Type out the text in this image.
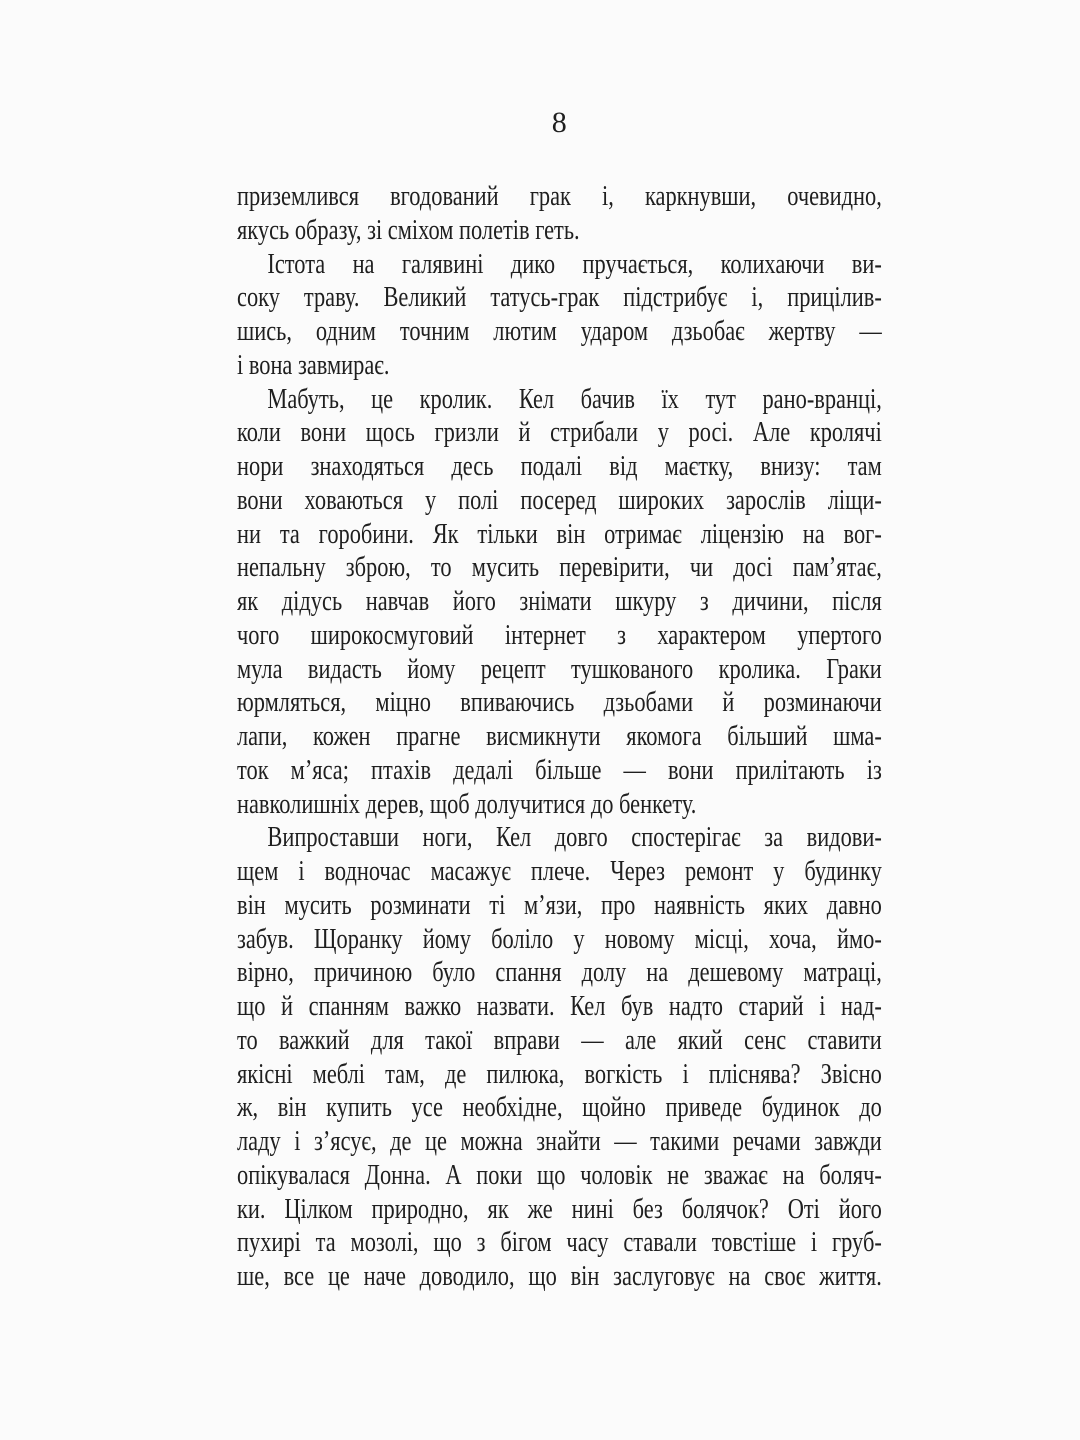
8
приземлився вгодований грак і, каркнувши, очевидно,
якусь образу, зі сміхом полетів геть.
Істота на галявині дико пручається, колихаючи ви-
соку траву. Великий татусь-грак підстрибує і, прицілив-
шись, одним точним лютим ударом дзьобає жертву —
і вона завмирає.
Мабуть, це кролик. Кел бачив їх тут рано-вранці,
коли вони щось гризли й стрибали у росі. Але кролячі
нори знаходяться десь подалі від маєтку, внизу: там
вони ховаються у полі посеред широких зарослів ліщи-
ни та горобини. Як тільки він отримає ліцензію на вог-
непальну зброю, то мусить перевірити, чи досі пам’ятає,
як дідусь навчав його знімати шкуру з дичини, після
чого широкосмуговий інтернет з характером упертого
мула видасть йому рецепт тушкованого кролика. Граки
юрмляться, міцно впиваючись дзьобами й розминаючи
лапи, кожен прагне висмикнути якомога більший шма-
ток м’яса; птахів дедалі більше — вони прилітають із
навколишніх дерев, щоб долучитися до бенкету.
Випроставши ноги, Кел довго спостерігає за видови-
щем і водночас масажує плече. Через ремонт у будинку
він мусить розминати ті м’язи, про наявність яких давно
забув. Щоранку йому боліло у новому місці, хоча, ймо-
вірно, причиною було спання долу на дешевому матраці,
що й спанням важко назвати. Кел був надто старий і над-
то важкий для такої вправи — але який сенс ставити
якісні меблі там, де пилюка, вогкість і пліснява? Звісно
ж, він купить усе необхідне, щойно приведе будинок до
ладу і з’ясує, де це можна знайти — такими речами завжди
опікувалася Донна. А поки що чоловік не зважає на боляч-
ки. Цілком природно, як же нині без болячок? Оті його
пухирі та мозолі, що з бігом часу ставали товстіше і груб-
ше, все це наче доводило, що він заслуговує на своє життя.
